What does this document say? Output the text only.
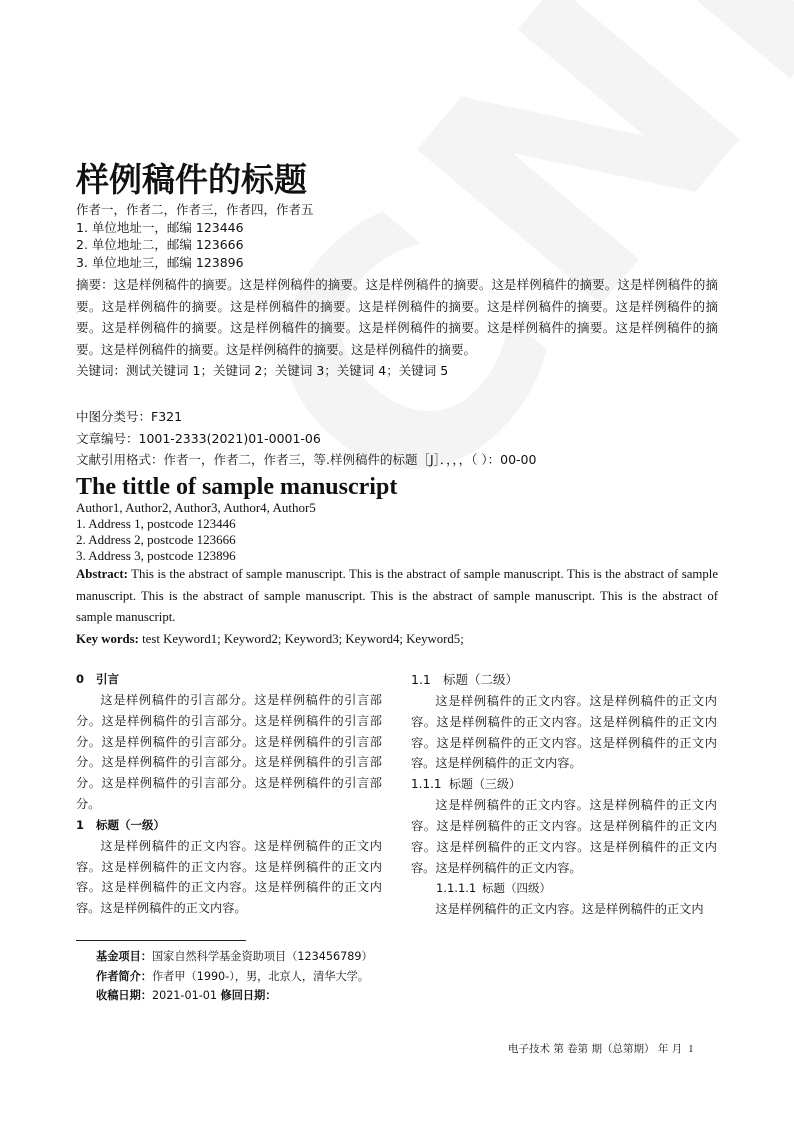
样例稿件的标题
作者一，作者二，作者三，作者四，作者五
1. 单位地址一，邮编 123446
2. 单位地址二，邮编 123666
3. 单位地址三，邮编 123896
摘要：这是样例稿件的摘要。这是样例稿件的摘要。这是样例稿件的摘要。这是样例稿件的摘要。这是样例稿件的摘要。这是样例稿件的摘要。这是样例稿件的摘要。这是样例稿件的摘要。这是样例稿件的摘要。这是样例稿件的摘要。这是样例稿件的摘要。这是样例稿件的摘要。这是样例稿件的摘要。这是样例稿件的摘要。这是样例稿件的摘要。这是样例稿件的摘要。这是样例稿件的摘要。这是样例稿件的摘要。
关键词：测试关键词 1；关键词 2；关键词 3；关键词 4；关键词 5
中图分类号：F321
文章编号：1001-2333(2021)01-0001-06
文献引用格式：作者一，作者二，作者三，等.样例稿件的标题［J］．，，，（ ）：00-00
The tittle of sample manuscript
Author1, Author2, Author3, Author4, Author5
1. Address 1, postcode 123446
2. Address 2, postcode 123666
3. Address 3, postcode 123896
Abstract: This is the abstract of sample manuscript. This is the abstract of sample manuscript. This is the abstract of sample manuscript. This is the abstract of sample manuscript. This is the abstract of sample manuscript. This is the abstract of sample manuscript.
Key words: test Keyword1; Keyword2; Keyword3; Keyword4; Keyword5;
0 引言

这是样例稿件的引言部分。这是样例稿件的引言部分。这是样例稿件的引言部分。这是样例稿件的引言部分。这是样例稿件的引言部分。这是样例稿件的引言部分。这是样例稿件的引言部分。这是样例稿件的引言部分。这是样例稿件的引言部分。这是样例稿件的引言部分。

1 标题（一级）

这是样例稿件的正文内容。这是样例稿件的正文内容。这是样例稿件的正文内容。这是样例稿件的正文内容。这是样例稿件的正文内容。这是样例稿件的正文内容。这是样例稿件的正文内容。

1.1 标题（二级）

这是样例稿件的正文内容。这是样例稿件的正文内容。这是样例稿件的正文内容。这是样例稿件的正文内容。这是样例稿件的正文内容。这是样例稿件的正文内容。这是样例稿件的正文内容。

1.1.1 标题（三级）

这是样例稿件的正文内容。这是样例稿件的正文内容。这是样例稿件的正文内容。这是样例稿件的正文内容。这是样例稿件的正文内容。这是样例稿件的正文内容。这是样例稿件的正文内容。

1.1.1.1 标题（四级）

这是样例稿件的正文内容。这是样例稿件的正文内

基金项目：国家自然科学基金资助项目（123456789）
作者简介：作者甲（1990-），男，北京人，清华大学。
收稿日期：2021-01-01 修回日期：
电子技术 第 卷第 期（总第期） 年 月 1
